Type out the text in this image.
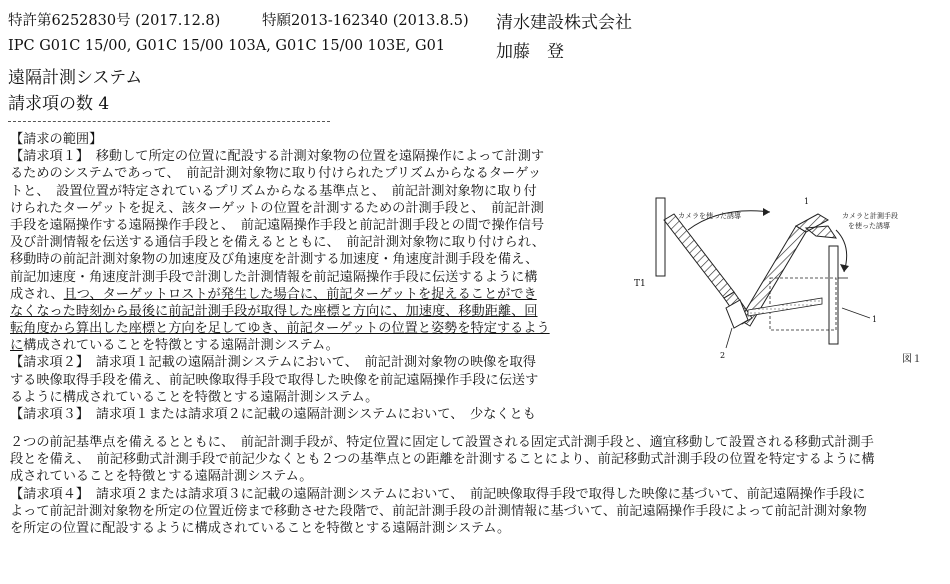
特許第6252830号 (2017.12.8)	特願2013-162340 (2013.8.5) 清水建設株式会社
IPC G01C 15/00, G01C 15/00 103A, G01C 15/00 103E, G01	加藤　登
遠隔計測システム
請求項の数 4
【請求の範囲】
【請求項１】　移動して所定の位置に配設する計測対象物の位置を遠隔操作によって計測す
るためのシステムであって、　前記計測対象物に取り付けられたプリズムからなるターゲッ
トと、　設置位置が特定されているプリズムからなる基準点と、　前記計測対象物に取り付
けられたターゲットを捉え、該ターゲットの位置を計測するための計測手段と、　前記計測
手段を遠隔操作する遠隔操作手段と、　前記遠隔操作手段と前記計測手段との間で操作信号
及び計測情報を伝送する通信手段とを備えるとともに、　前記計測対象物に取り付けられ、
移動時の前記計測対象物の加速度及び角速度を計測する加速度・角速度計測手段を備え、
前記加速度・角速度計測手段で計測した計測情報を前記遠隔操作手段に伝送するように構
成され、且つ、ターゲットロストが発生した場合に、前記ターゲットを捉えることができ
なくなった時刻から最後に前記計測手段が取得した座標と方向に、加速度、移動距離、回
転角度から算出した座標と方向を足してゆき、前記ターゲットの位置と姿勢を特定するよう
に構成されていることを特徴とする遠隔計測システム。
【請求項２】　請求項１記載の遠隔計測システムにおいて、　前記計測対象物の映像を取得
する映像取得手段を備え、前記映像取得手段で取得した映像を前記遠隔操作手段に伝送す
るように構成されていることを特徴とする遠隔計測システム。
【請求項３】　請求項１または請求項２に記載の遠隔計測システムにおいて、　少なくとも
２つの前記基準点を備えるとともに、　前記計測手段が、特定位置に固定して設置される固定式計測手段と、適宜移動して設置される移動式計測手
段とを備え、　前記移動式計測手段で前記少なくとも２つの基準点との距離を計測することにより、前記移動式計測手段の位置を特定するように構
成されていることを特徴とする遠隔計測システム。
【請求項４】　請求項２または請求項３に記載の遠隔計測システムにおいて、　前記映像取得手段で取得した映像に基づいて、前記遠隔操作手段に
よって前記計測対象物を所定の位置近傍まで移動させた段階で、前記計測手段の計測情報に基づいて、前記遠隔操作手段によって前記計測対象物
を所定の位置に配設するように構成されていることを特徴とする遠隔計測システム。
カメラを使った誘導	カメラと計測手段
を使った誘導
T1
1
1
2	図１
